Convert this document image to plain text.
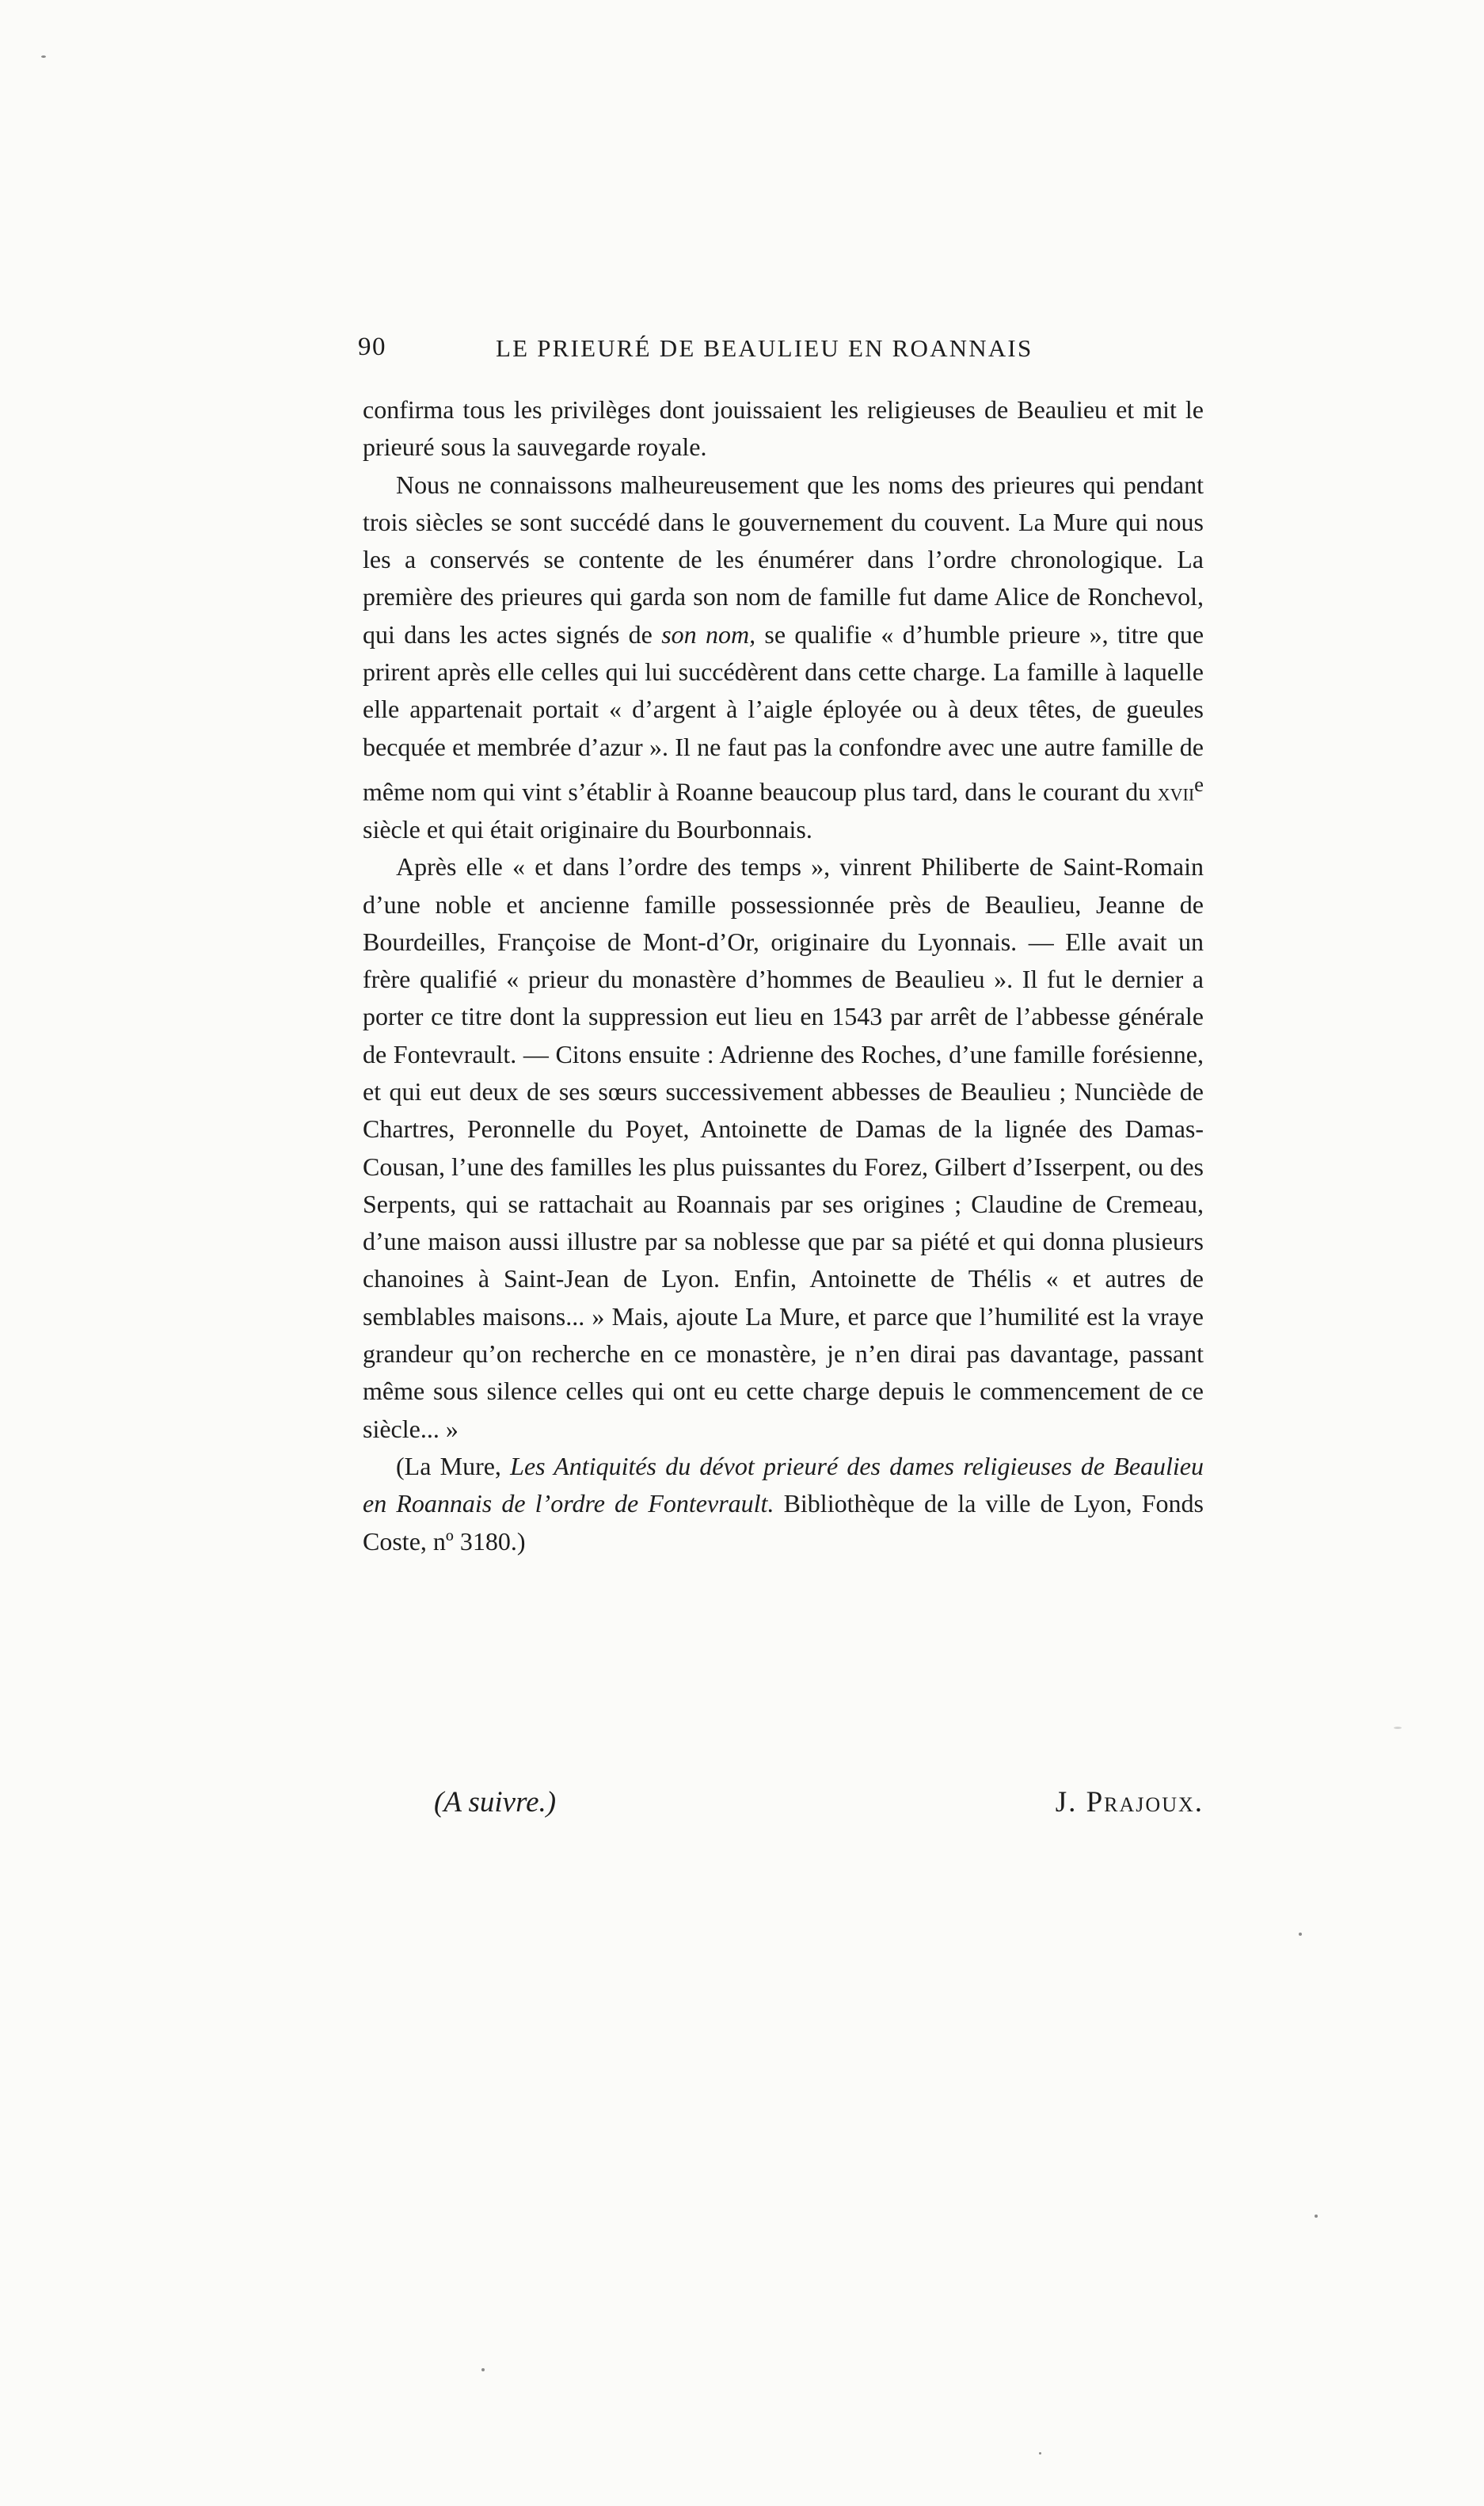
90	LE PRIEURÉ DE BEAULIEU EN ROANNAIS

confirma tous les privilèges dont jouissaient les religieuses de Beaulieu et mit le prieuré sous la sauvegarde royale.

Nous ne connaissons malheureusement que les noms des prieures qui pendant trois siècles se sont succédé dans le gouvernement du couvent. La Mure qui nous les a conservés se contente de les énumérer dans l’ordre chronologique. La première des prieures qui garda son nom de famille fut dame Alice de Ronchevol, qui dans les actes signés de son nom, se qualifie « d’humble prieure », titre que prirent après elle celles qui lui succédèrent dans cette charge. La famille à laquelle elle appartenait portait « d’argent à l’aigle éployée ou à deux têtes, de gueules becquée et membrée d’azur ». Il ne faut pas la confondre avec une autre famille de même nom qui vint s’établir à Roanne beaucoup plus tard, dans le courant du xvii$^e$ siècle et qui était originaire du Bourbonnais.

Après elle « et dans l’ordre des temps », vinrent Philiberte de Saint-Romain d’une noble et ancienne famille possessionnée près de Beaulieu, Jeanne de Bourdeilles, Françoise de Mont-d’Or, originaire du Lyonnais. — Elle avait un frère qualifié « prieur du monastère d’hommes de Beaulieu ». Il fut le dernier a porter ce titre dont la suppression eut lieu en 1543 par arrêt de l’abbesse générale de Fontevrault. — Citons ensuite : Adrienne des Roches, d’une famille forésienne, et qui eut deux de ses sœurs successivement abbesses de Beaulieu ; Nunciède de Chartres, Peronnelle du Poyet, Antoinette de Damas de la lignée des Damas-Cousan, l’une des familles les plus puissantes du Forez, Gilbert d’Isserpent, ou des Serpents, qui se rattachait au Roannais par ses origines ; Claudine de Cremeau, d’une maison aussi illustre par sa noblesse que par sa piété et qui donna plusieurs chanoines à Saint-Jean de Lyon. Enfin, Antoinette de Thélis « et autres de semblables maisons... » Mais, ajoute La Mure, et parce que l’humilité est la vraye grandeur qu’on recherche en ce monastère, je n’en dirai pas davantage, passant même sous silence celles qui ont eu cette charge depuis le commencement de ce siècle... »

(La Mure, Les Antiquités du dévot prieuré des dames religieuses de Beaulieu en Roannais de l’ordre de Fontevrault. Bibliothèque de la ville de Lyon, Fonds Coste, nº 3180.)

(A suivre.)	J. Prajoux.
